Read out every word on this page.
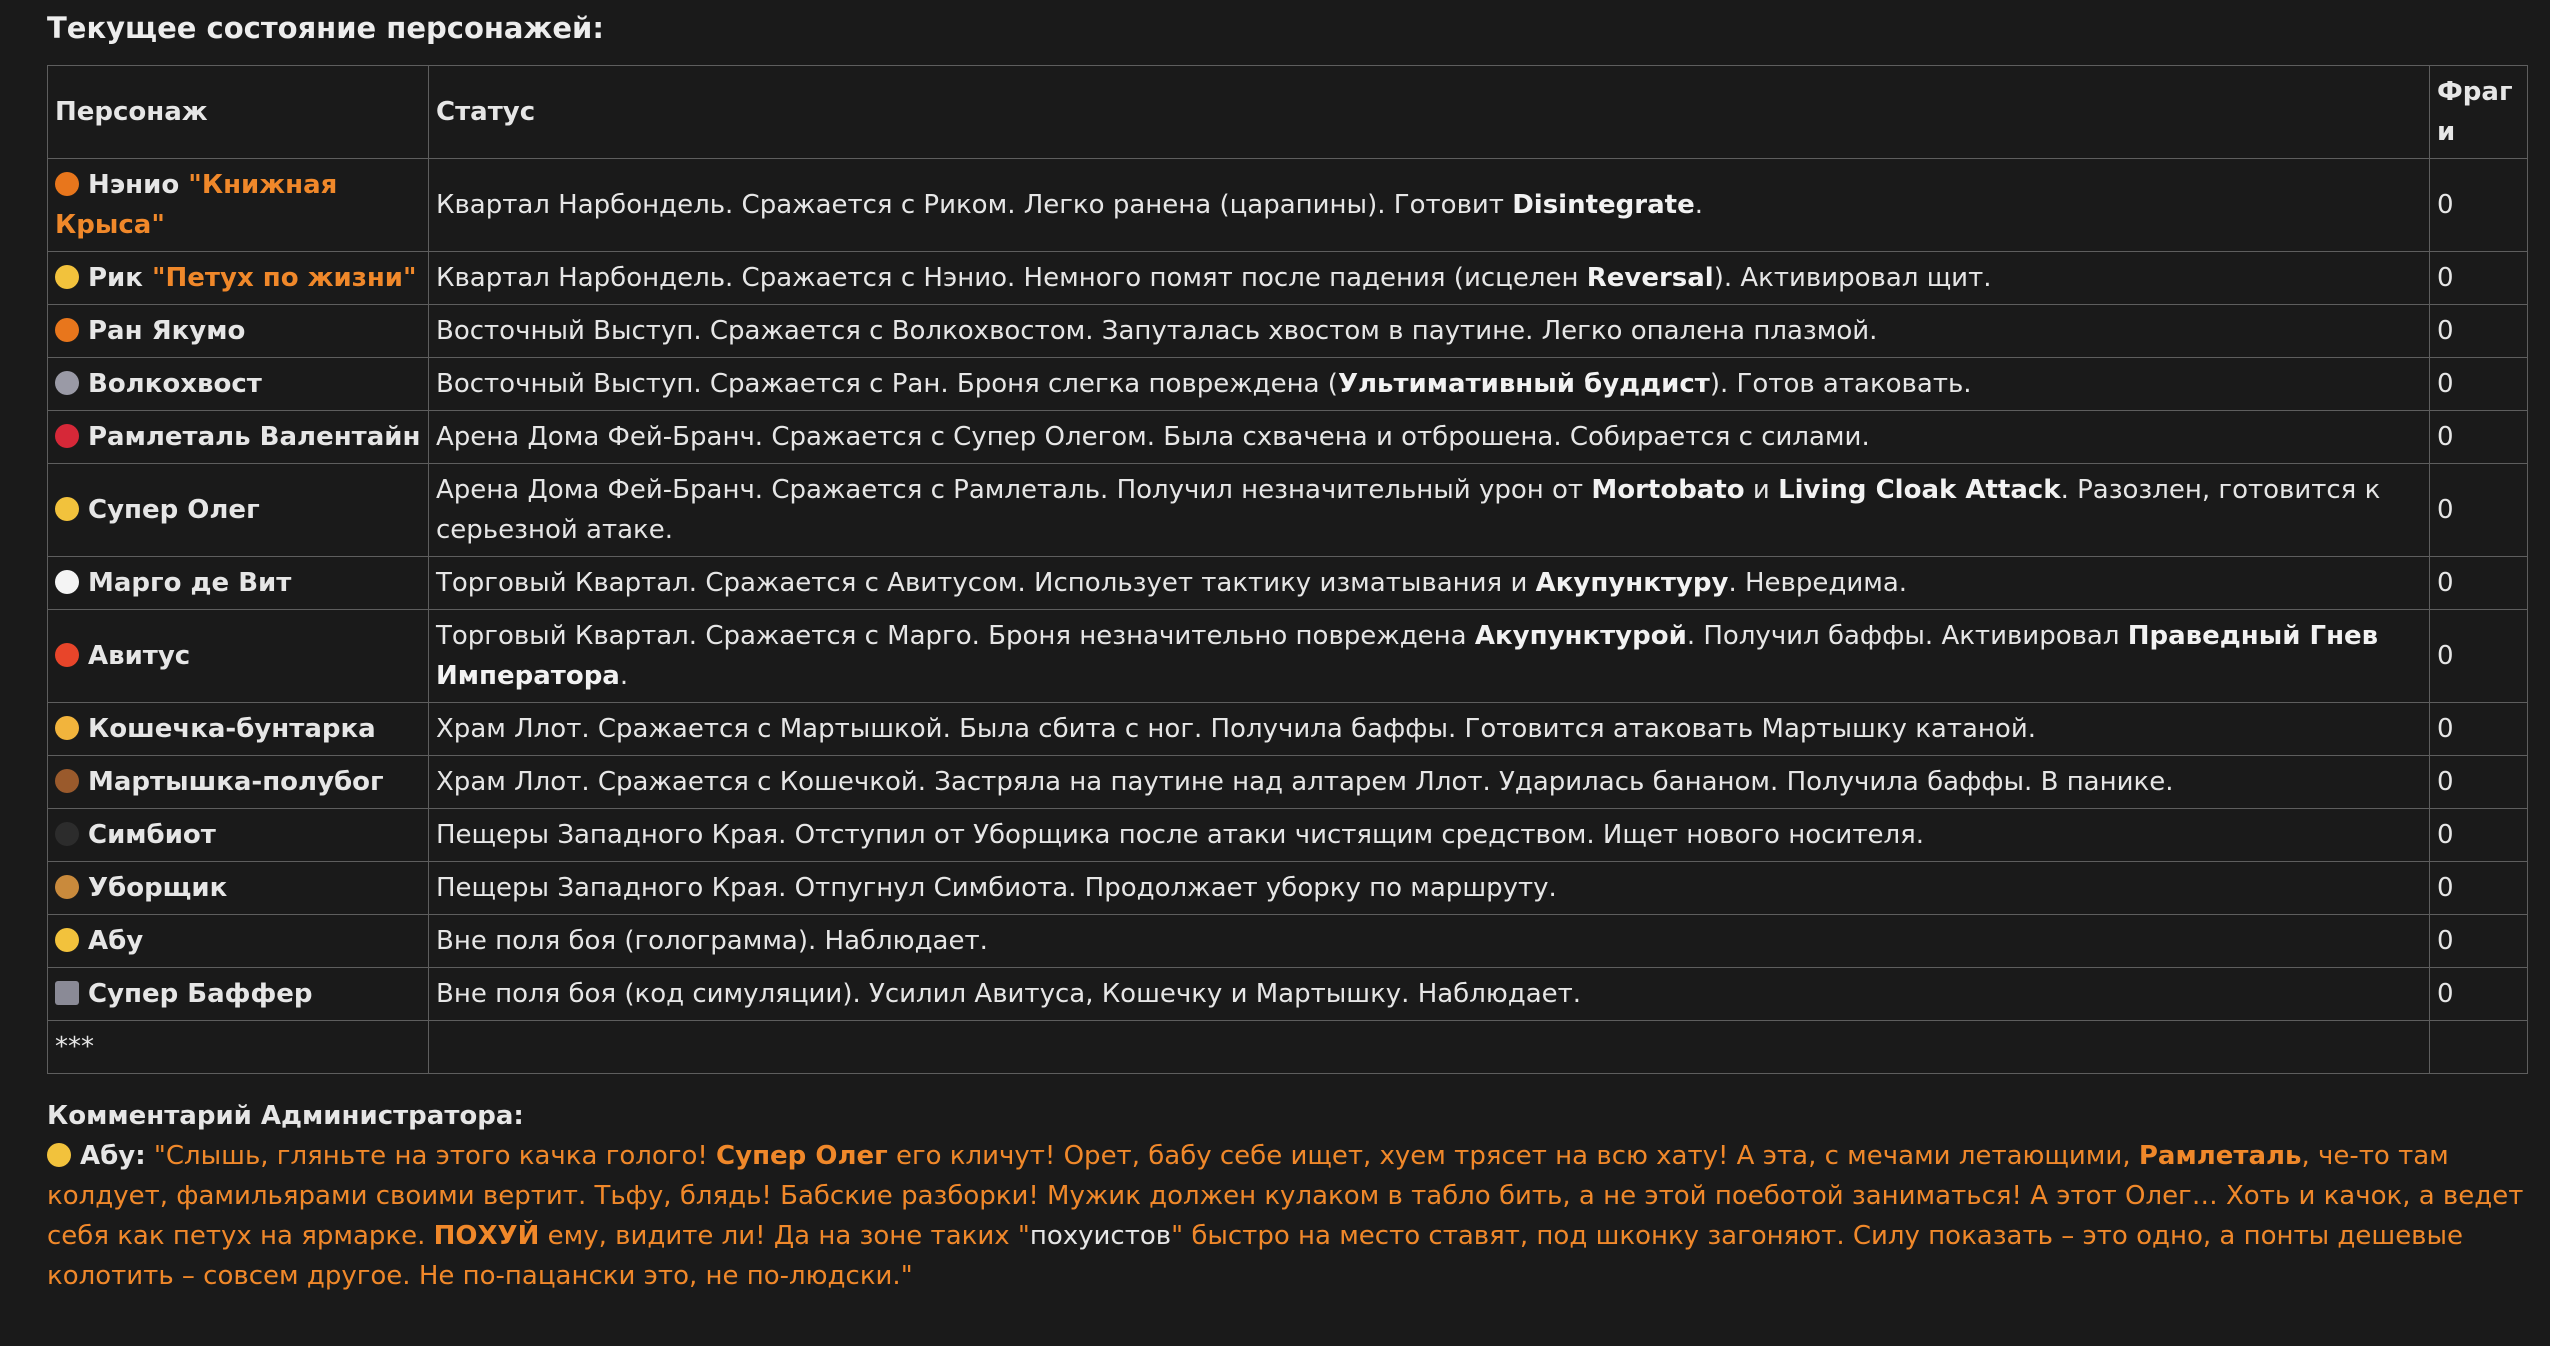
Текущее состояние персонажей:
Персонаж	Статус	Фраги
Нэнио "Книжная Крыса"	Квартал Нарбондель. Сражается с Риком. Легко ранена (царапины). Готовит Disintegrate.	0
Рик "Петух по жизни"	Квартал Нарбондель. Сражается с Нэнио. Немного помят после падения (исцелен Reversal). Активировал щит.	0
Ран Якумо	Восточный Выступ. Сражается с Волкохвостом. Запуталась хвостом в паутине. Легко опалена плазмой.	0
Волкохвост	Восточный Выступ. Сражается с Ран. Броня слегка повреждена (Ультимативный буддист). Готов атаковать.	0
Рамлеталь Валентайн	Арена Дома Фей-Бранч. Сражается с Супер Олегом. Была схвачена и отброшена. Собирается с силами.	0
Супер Олег	Арена Дома Фей-Бранч. Сражается с Рамлеталь. Получил незначительный урон от Mortobato и Living Cloak Attack. Разозлен, готовится к серьезной атаке.	0
Марго де Вит	Торговый Квартал. Сражается с Авитусом. Использует тактику изматывания и Акупунктуру. Невредима.	0
Авитус	Торговый Квартал. Сражается с Марго. Броня незначительно повреждена Акупунктурой. Получил баффы. Активировал Праведный Гнев Императора.	0
Кошечка-бунтарка	Храм Ллот. Сражается с Мартышкой. Была сбита с ног. Получила баффы. Готовится атаковать Мартышку катаной.	0
Мартышка-полубог	Храм Ллот. Сражается с Кошечкой. Застряла на паутине над алтарем Ллот. Ударилась бананом. Получила баффы. В панике.	0
Симбиот	Пещеры Западного Края. Отступил от Уборщика после атаки чистящим средством. Ищет нового носителя.	0
Уборщик	Пещеры Западного Края. Отпугнул Симбиота. Продолжает уборку по маршруту.	0
Абу	Вне поля боя (голограмма). Наблюдает.	0
Супер Баффер	Вне поля боя (код симуляции). Усилил Авитуса, Кошечку и Мартышку. Наблюдает.	0
***		
Комментарий Администратора:

Абу: "Слышь, гляньте на этого качка голого! Супер Олег его кличут! Орет, бабу себе ищет, хуем трясет на всю хату! А эта, с мечами летающими, Рамлеталь, че-то там колдует, фамильярами своими вертит. Тьфу, блядь! Бабские разборки! Мужик должен кулаком в табло бить, а не этой поеботой заниматься! А этот Олег… Хоть и качок, а ведет себя как петух на ярмарке. ПОХУЙ ему, видите ли! Да на зоне таких "похуистов" быстро на место ставят, под шконку загоняют. Силу показать – это одно, а понты дешевые колотить – совсем другое. Не по-пацански это, не по-людски."
